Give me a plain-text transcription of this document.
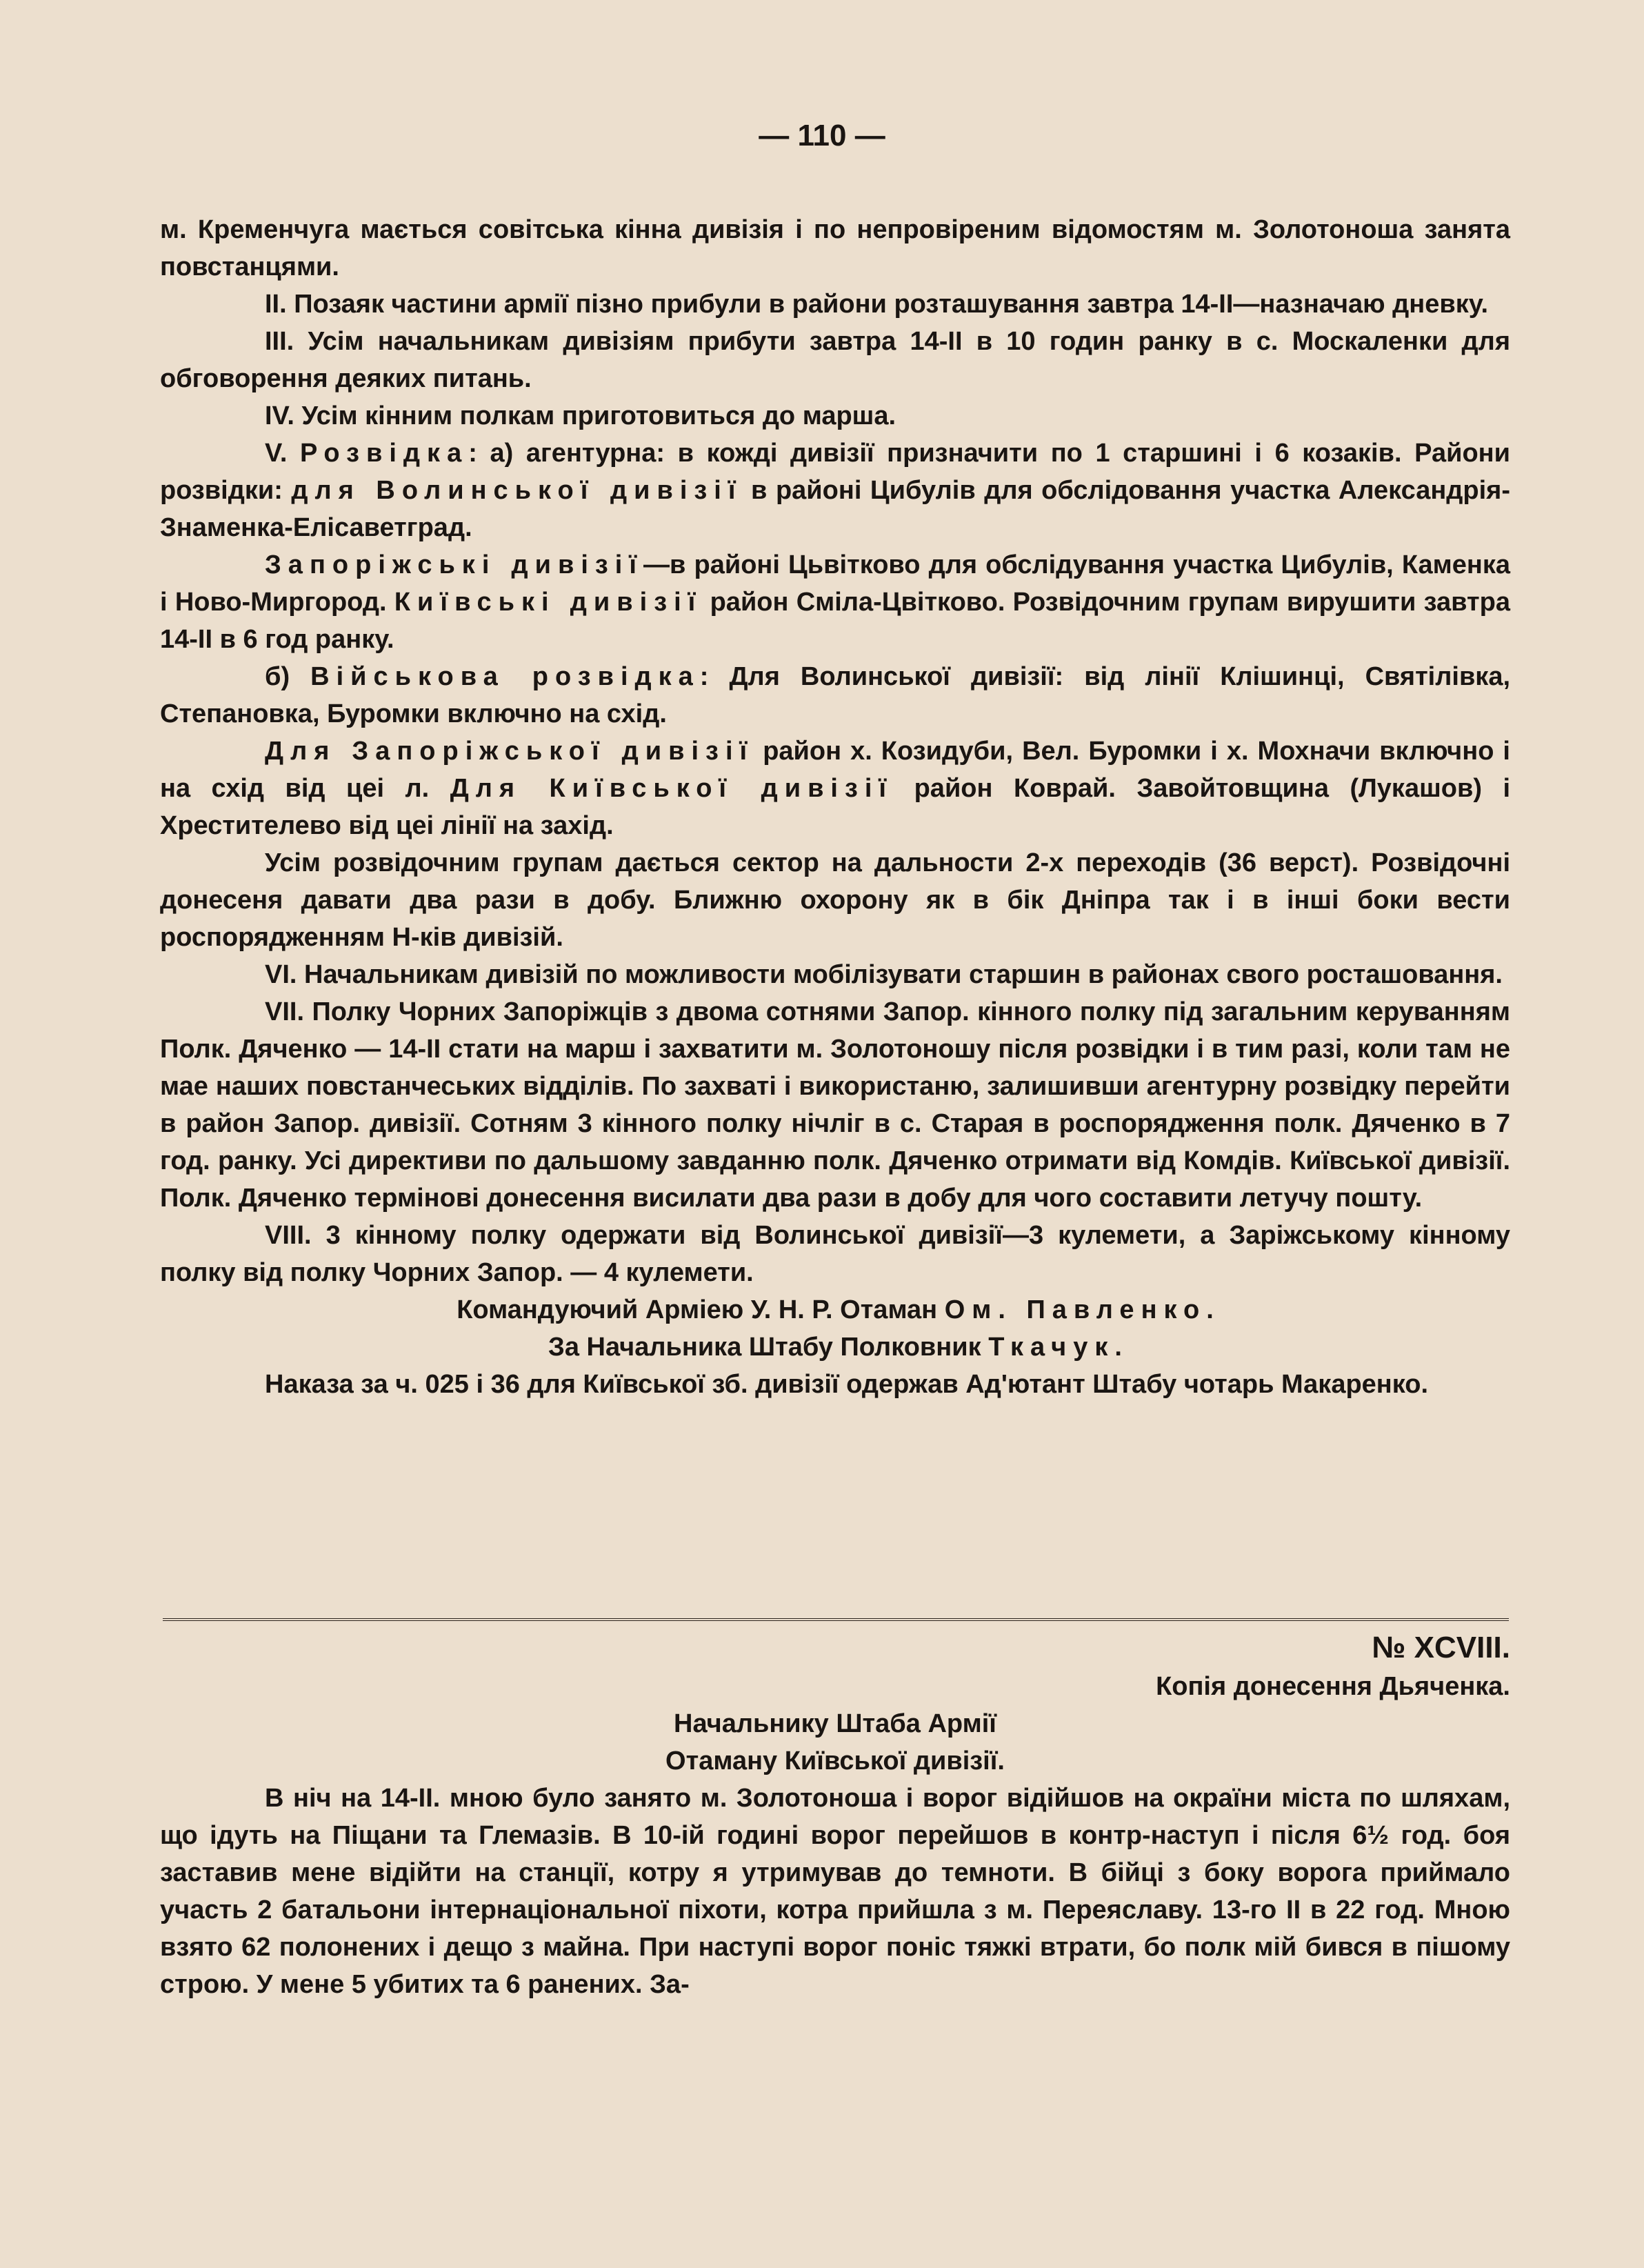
— 110 —

м. Кременчуга мається совітська кінна дивізія і по непровіреним відомостям м. Золотоноша занята повстанцями.

II. Позаяк частини армії пізно прибули в райони розташування завтра 14-II—назначаю дневку.

III. Усім начальникам дивізіям прибути завтра 14-II в 10 годин ранку в с. Москаленки для обговорення деяких питань.

IV. Усім кінним полкам приготовиться до марша.

V. Розвідка: а) агентурна: в кожді дивізії призначити по 1 старшині і 6 козаків. Райони розвідки: для Волинської дивізії в районі Цибулів для обслідовання участка Александрія-Знаменка-Елісаветград.

Запоріжські дивізії—в районі Цьвітково для обслідування участка Цибулів, Каменка і Ново-Миргород. Київські дивізії район Сміла-Цвітково. Розвідочним групам вирушити завтра 14-II в 6 год ранку.

б) Військова розвідка: Для Волинської дивізії: від лінії Клішинці, Святілівка, Степановка, Буромки включно на схід.

Для Запоріжської дивізії район х. Козидуби, Вел. Буромки і х. Мохначи включно і на схід від цеі л. Для Київської дивізії район Коврай. Завойтовщина (Лукашов) і Хрестителево від цеі лінії на захід.

Усім розвідочним групам дається сектор на дальности 2-х переходів (36 верст). Розвідочні донесеня давати два рази в добу. Ближню охорону як в бік Дніпра так і в інші боки вести роспорядженням Н-ків дивізій.

VI. Начальникам дивізій по можливости мобілізувати старшин в районах свого росташовання.

VII. Полку Чорних Запоріжців з двома сотнями Запор. кінного полку під загальним керуванням Полк. Дяченко — 14-II стати на марш і захватити м. Золотоношу після розвідки і в тим разі, коли там не мае наших повстанчеських відділів. По захваті і використаню, залишивши агентурну розвідку перейти в район Запор. дивізії. Сотням 3 кінного полку нічліг в с. Старая в роспорядження полк. Дяченко в 7 год. ранку. Усі директиви по дальшому завданню полк. Дяченко отримати від Комдів. Київської дивізії. Полк. Дяченко термінові донесення висилати два рази в добу для чого составити летучу пошту.

VIII. 3 кінному полку одержати від Волинської дивізії—3 кулемети, а Заріжському кінному полку від полку Чорних Запор. — 4 кулемети.

Командуючий Арміею У. Н. Р. Отаман Ом. Павленко.

За Начальника Штабу Полковник Ткачук.

Наказа за ч. 025 і 36 для Київської зб. дивізії одержав Ад'ютант Штабу чотарь Макаренко.

№ XCVIII.

Копія донесення Дьяченка.

Начальнику Штаба Армії

Отаману Київської дивізії.

В ніч на 14-II. мною було занято м. Золотоноша і ворог відійшов на окраїни міста по шляхам, що ідуть на Піщани та Глемазів. В 10-ій годині ворог перейшов в контр-наступ і після 6½ год. боя заставив мене відійти на станції, котру я утримував до темноти. В бійці з боку ворога приймало участь 2 батальони інтернаціональної піхоти, котра прийшла з м. Переяславу. 13-го II в 22 год. Мною взято 62 полонених і дещо з майна. При наступі ворог поніс тяжкі втрати, бо полк мій бився в пішому строю. У мене 5 убитих та 6 ранених. За-
